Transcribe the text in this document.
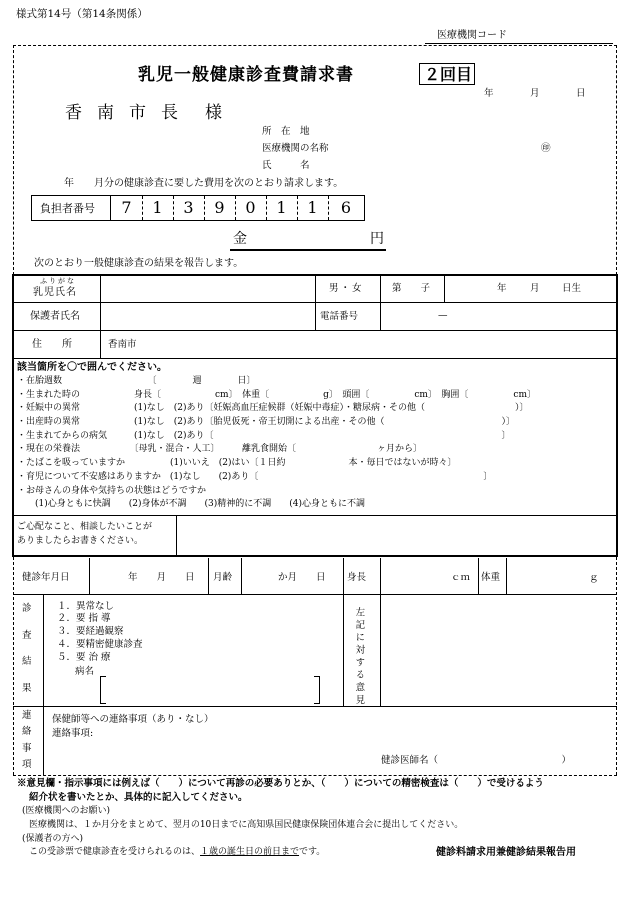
様式第14号（第14条関係）
医療機関コード
乳児一般健康診査費請求書	２回目
年	月	日
香 南 市 長 様
所　在　地
医療機関の名称	㊞
氏　　　名
年　　月分の健康診査に要した費用を次のとおり請求します。
負担者番号	7	1	3	9	0	1	1	6
金	円
次のとおり一般健康診査の結果を報告します。
ふりがな
乳児氏名	男・女	第　　子	年 月 日生
保護者氏名	電話番号	—
住　　所	香南市
該当箇所を〇で囲んでください。
・在胎週数　　　　　　　　　　〔　　　　週　　　　日〕
・生まれた時の　　　　　　身長〔　　　　　　cm〕　体重〔　　　　　　g〕　頭囲〔　　　　　cm〕　胸囲〔　　　　　cm〕
・妊娠中の異常　　　　　　(1)なし　(2)あり〔妊娠高血圧症候群（妊娠中毒症）・糖尿病・その他（　　　　　　　　　　）〕
・出産時の異常　　　　　　(1)なし　(2)あり〔胎児仮死・帝王切開による出産・その他（　　　　　　　　　　　　　）〕
・生まれてからの病気　　　(1)なし　(2)あり〔　　　　　　　　　　　　　　　　　　　　　　　　　　　　　　　　〕
・現在の栄養法　　　　　　〔母乳・混合・人工〕　　　離乳食開始〔　　　　　　　　　ヶ月から〕
・たばこを吸っていますか　　　　　(1)いいえ　(2)はい〔１日約　　　　　　　本・毎日ではないが時々〕
・育児について不安感はありますか　(1)なし　　(2)あり〔　　　　　　　　　　　　　　　　　　　　　　　　　〕
・お母さんの身体や気持ちの状態はどうですか
　　(1)心身ともに快調　　(2)身体が不調　　(3)精神的に不調　　(4)心身ともに不調
ご心配なこと、相談したいことが
ありましたらお書きください。
健診年月日	年　　月　　日 月齢	か月　　日 身長	ｃｍ 体重	ｇ
診
査
結
果
１．異常なし
２．要 指 導
３．要経過観察
４．要精密健康診査
５．要 治 療
病名	左記に対する意見
連
絡
事
項
保健師等への連絡事項（あり・なし）
連絡事項:
健診医師名（　　　　　　　　　　　　　）
※意見欄・指示事項には例えば（　　）について再診の必要ありとか、（　　）についての精密検査は（　　）で受けるよう
紹介状を書いたとか、具体的に記入してください。
(医療機関へのお願い)
医療機関は、１か月分をまとめて、翌月の10日までに高知県国民健康保険団体連合会に提出してください。
(保護者の方へ)
この受診票で健康診査を受けられるのは、１歳の誕生日の前日までです。	健診料請求用兼健診結果報告用
